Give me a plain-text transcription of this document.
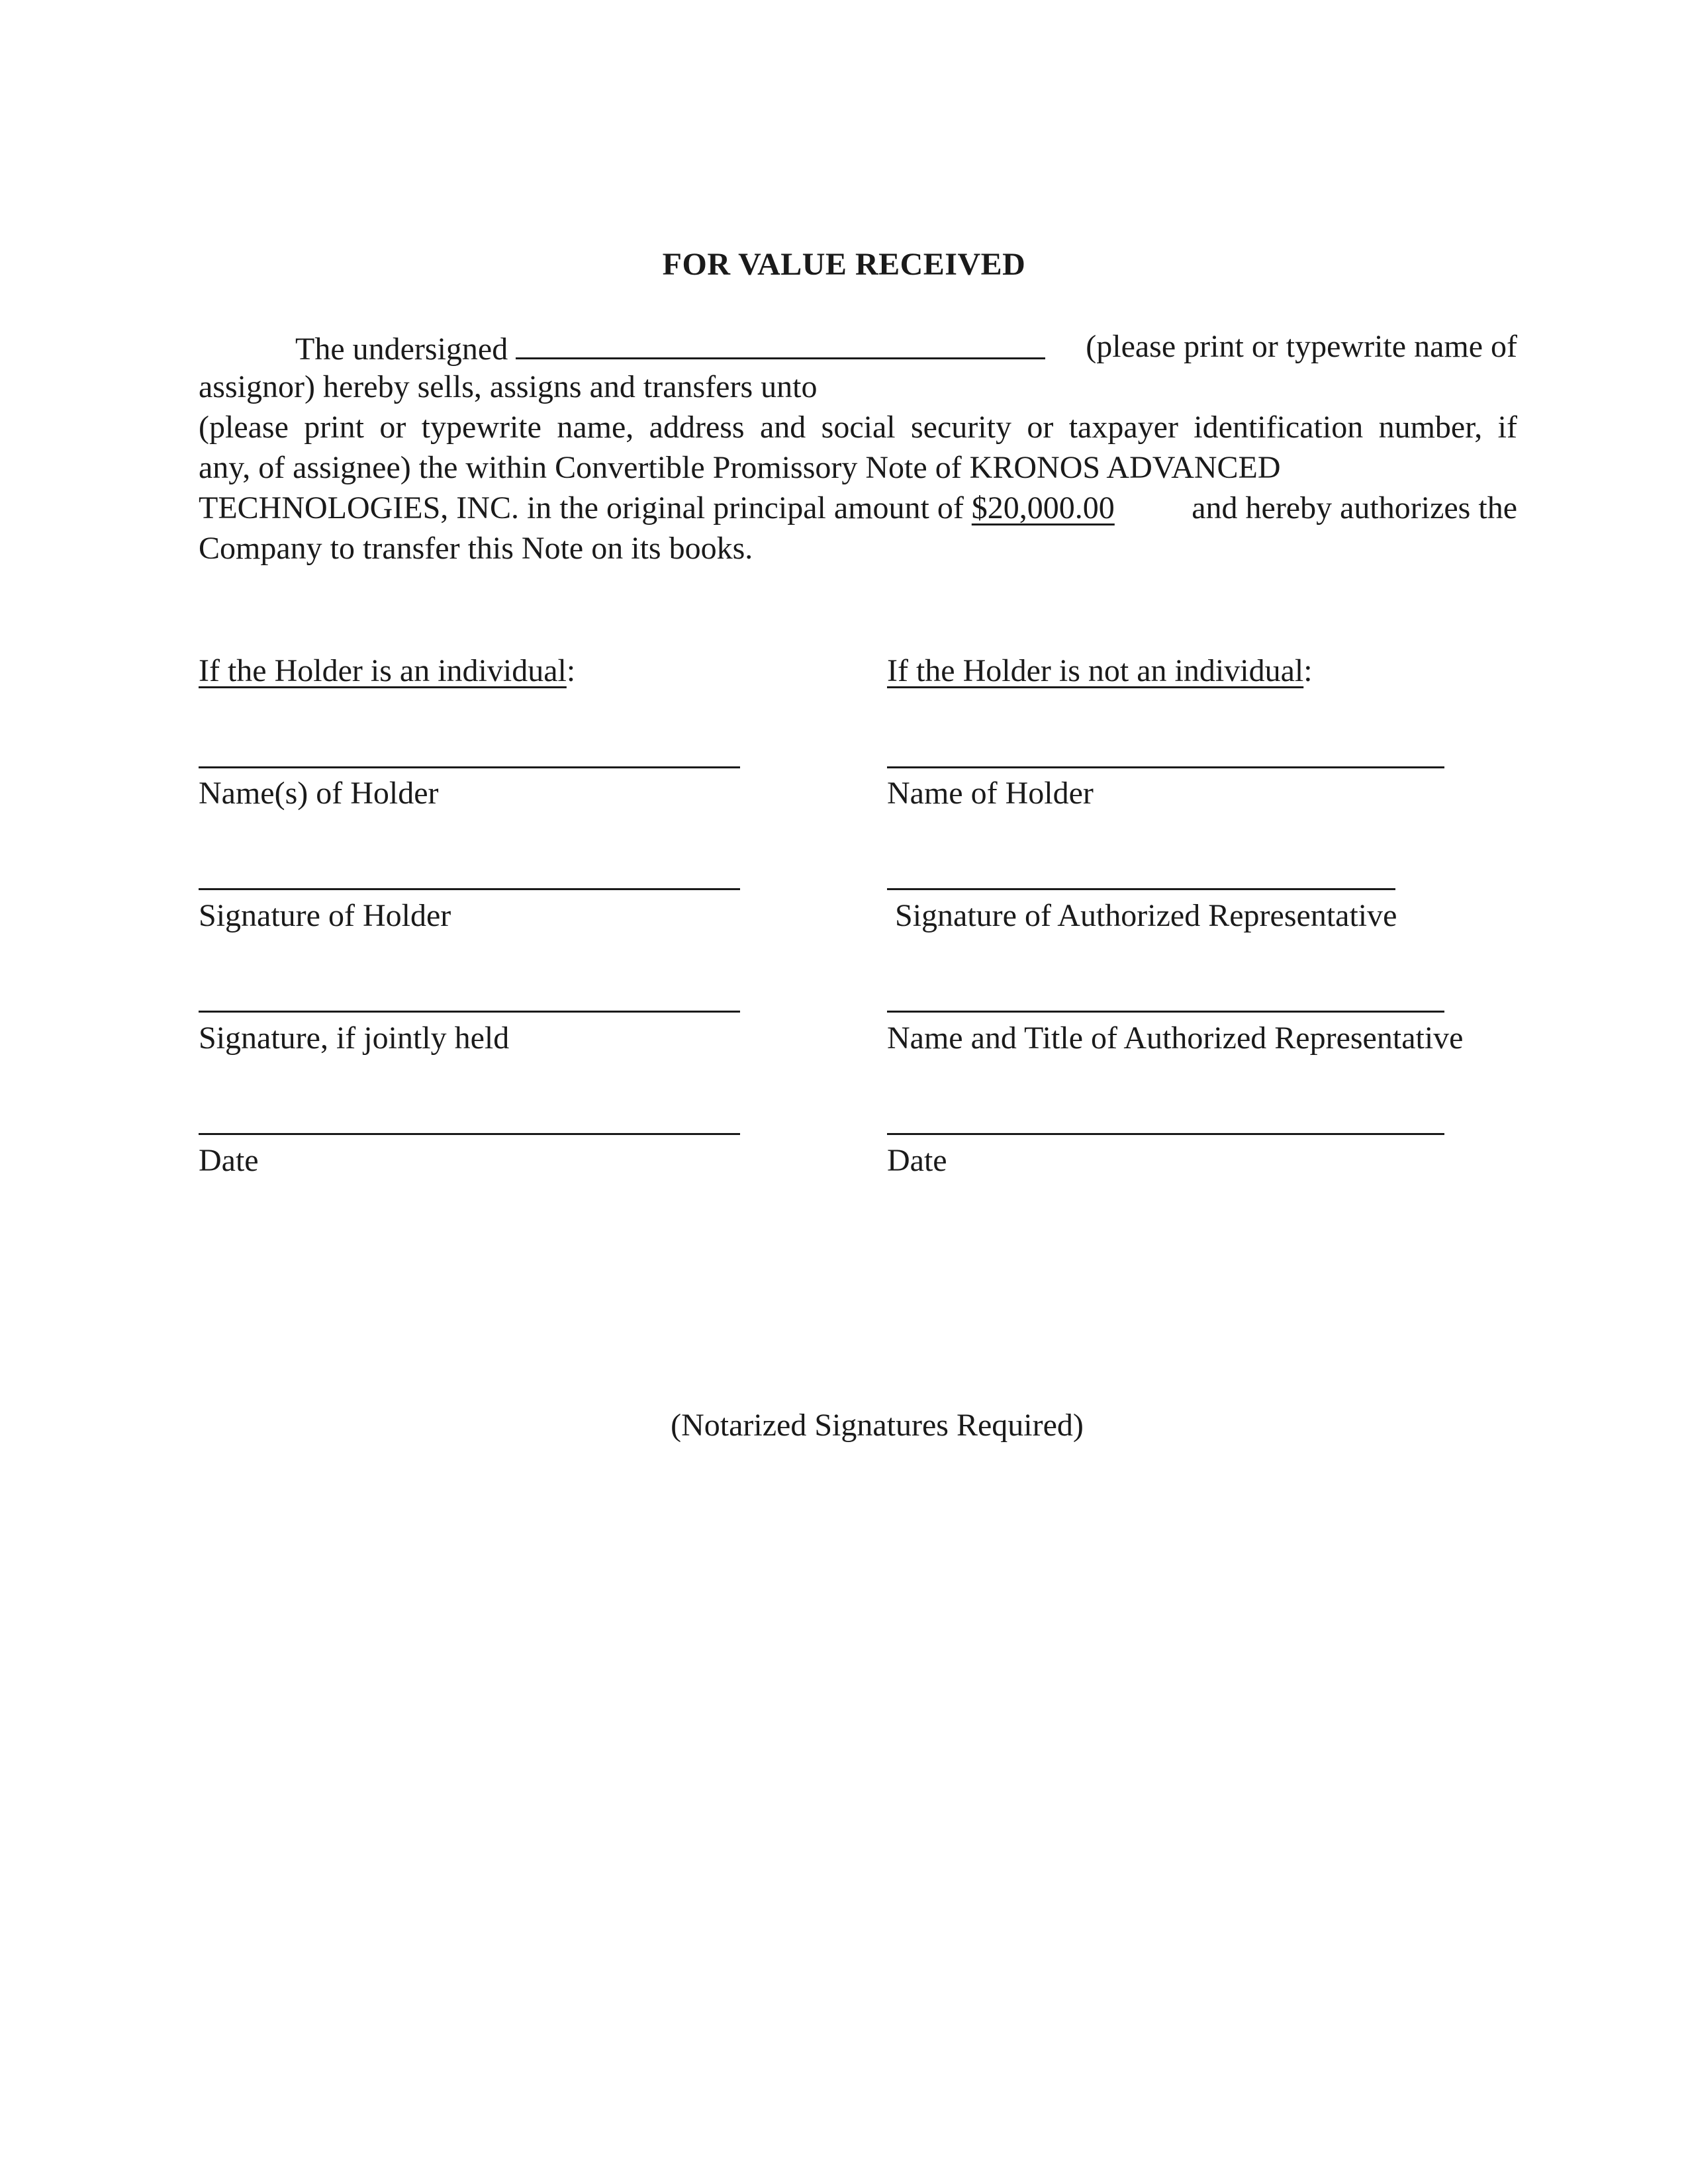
FOR VALUE RECEIVED
The undersigned	(please print or typewrite name of
assignor) hereby sells, assigns and transfers unto
(please print or typewrite name, address and social security or taxpayer identification number, if
any, of assignee) the within Convertible Promissory Note of KRONOS ADVANCED
TECHNOLOGIES, INC. in the original principal amount of $20,000.00 and hereby authorizes the
Company to transfer this Note on its books.
If the Holder is an individual:
Name(s) of Holder
Signature of Holder
Signature, if jointly held
Date
If the Holder is not an individual:
Name of Holder
Signature of Authorized Representative
Name and Title of Authorized Representative
Date
(Notarized Signatures Required)
